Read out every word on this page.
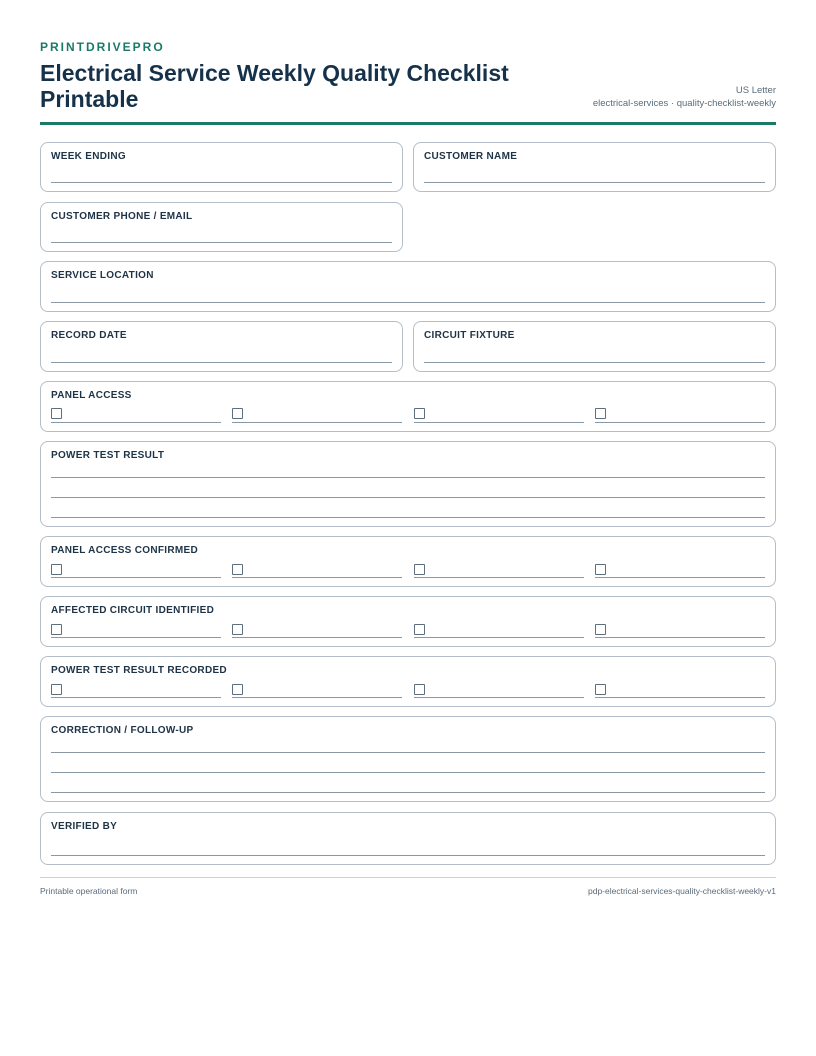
PRINTDRIVEPRO
Electrical Service Weekly Quality Checklist Printable	US Letter
electrical-services · quality-checklist-weekly
WEEK ENDING	CUSTOMER NAME
CUSTOMER PHONE / EMAIL
SERVICE LOCATION
RECORD DATE	CIRCUIT FIXTURE
PANEL ACCESS
POWER TEST RESULT
PANEL ACCESS CONFIRMED
AFFECTED CIRCUIT IDENTIFIED
POWER TEST RESULT RECORDED
CORRECTION / FOLLOW-UP
VERIFIED BY
Printable operational form	pdp-electrical-services-quality-checklist-weekly-v1
